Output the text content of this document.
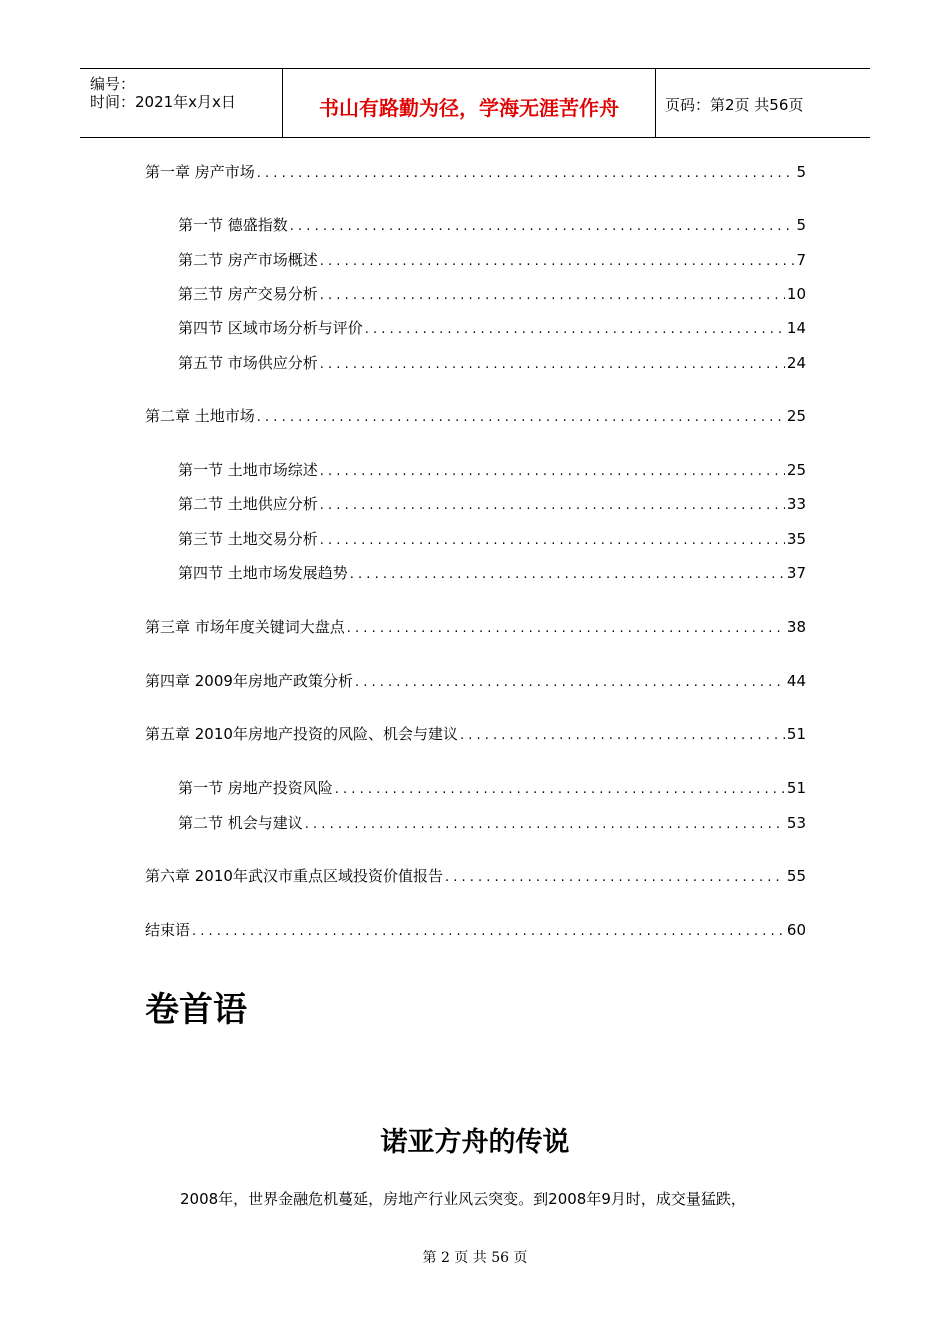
编号：
时间：2021年x月x日	书山有路勤为径，学海无涯苦作舟	页码：第2页 共56页
第一章 房产市场 . . .	5
第一节 德盛指数 . . .	5
第二节 房产市场概述 . . .	7
第三节 房产交易分析 . . .	10
第四节 区域市场分析与评价 . . .	14
第五节 市场供应分析 . . .	24
第二章 土地市场 . . .	25
第一节 土地市场综述 . . .	25
第二节 土地供应分析 . . .	33
第三节 土地交易分析 . . .	35
第四节 土地市场发展趋势 . . .	37
第三章 市场年度关键词大盘点 . . .	38
第四章 2009年房地产政策分析 . . .	44
第五章 2010年房地产投资的风险、机会与建议 . . .	51
第一节 房地产投资风险 . . .	51
第二节 机会与建议 . . .	53
第六章 2010年武汉市重点区域投资价值报告 . . .	55
结束语 . . .	60
卷首语
诺亚方舟的传说
2008年，世界金融危机蔓延，房地产行业风云突变。到2008年9月时，成交量猛跌，
第 2 页 共 56 页
